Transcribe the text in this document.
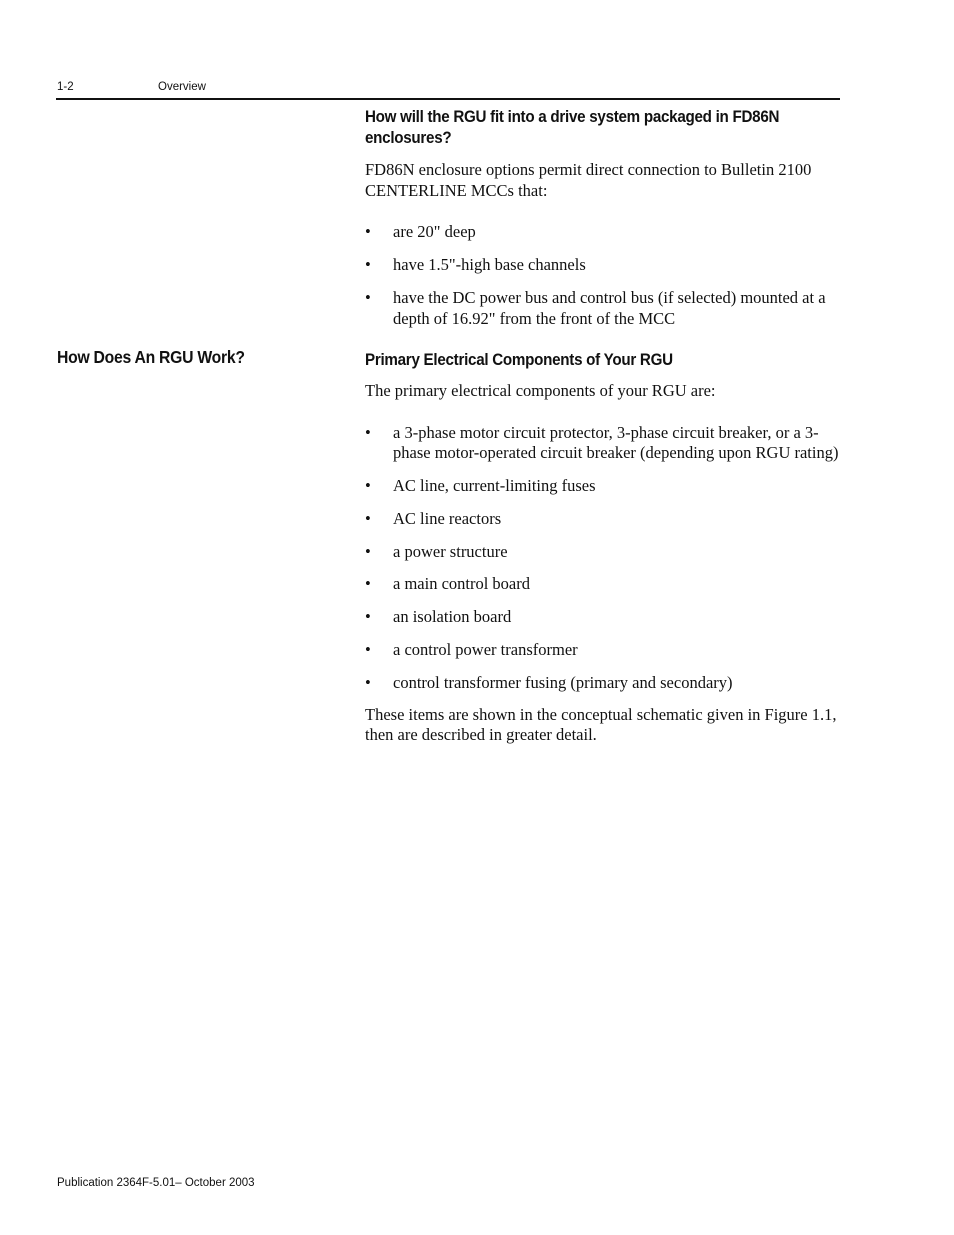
1-2	Overview
How Does An RGU Work?
How will the RGU fit into a drive system packaged in FD86N enclosures?

FD86N enclosure options permit direct connection to Bulletin 2100 CENTERLINE MCCs that:

• are 20" deep
• have 1.5"-high base channels
• have the DC power bus and control bus (if selected) mounted at a depth of 16.92" from the front of the MCC
Primary Electrical Components of Your RGU

The primary electrical components of your RGU are:

• a 3-phase motor circuit protector, 3-phase circuit breaker, or a 3-phase motor-operated circuit breaker (depending upon RGU rating)
• AC line, current-limiting fuses
• AC line reactors
• a power structure
• a main control board
• an isolation board
• a control power transformer
• control transformer fusing (primary and secondary)

These items are shown in the conceptual schematic given in Figure 1.1, then are described in greater detail.

Publication 2364F-5.01– October 2003
